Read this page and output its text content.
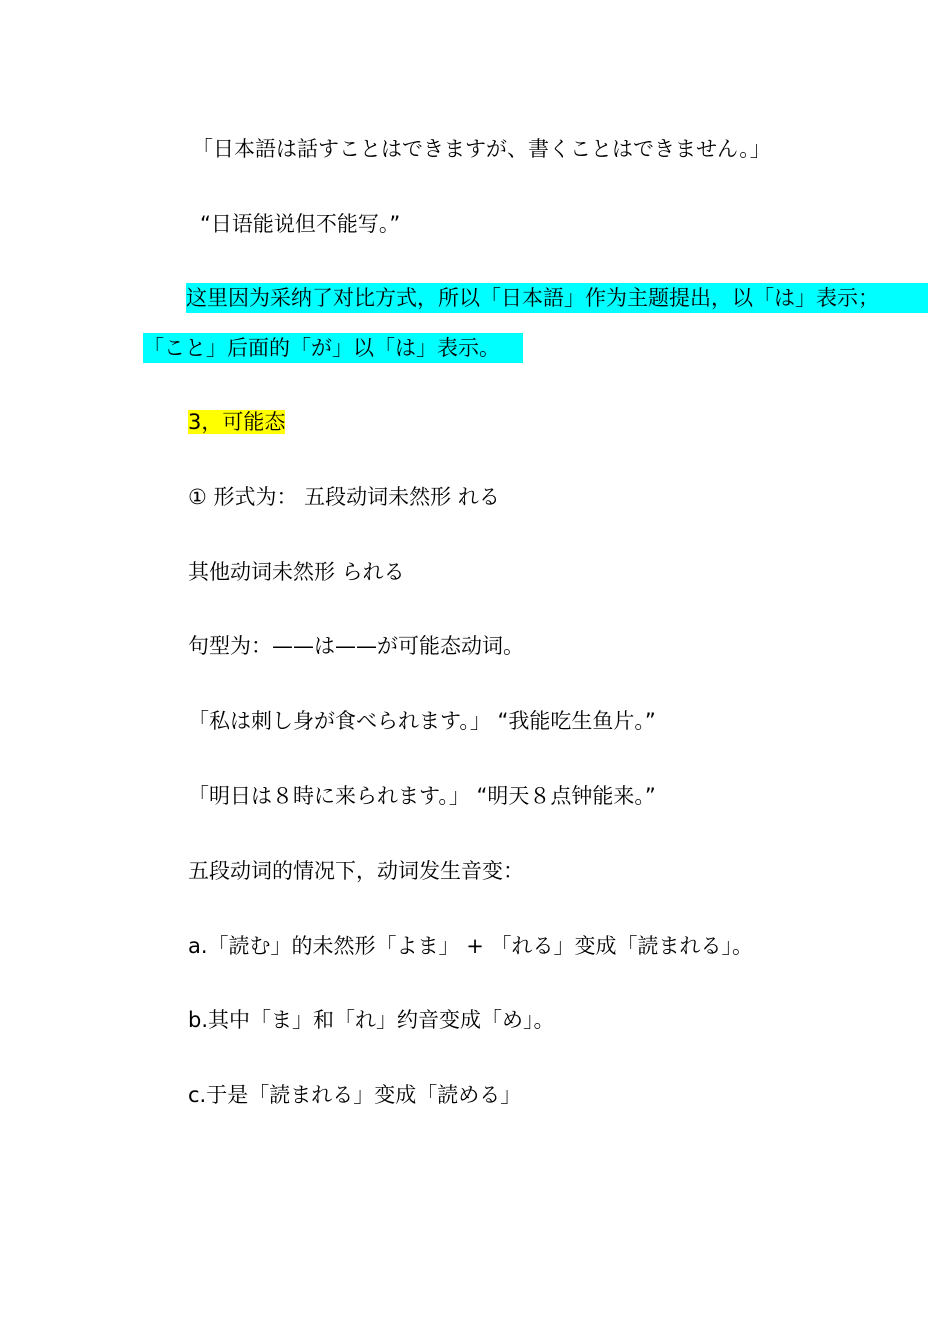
「日本語は話すことはできますが、書くことはできません。」
“日语能说但不能写。”
这里因为采纳了对比方式，所以「日本語」作为主题提出，以「は」表示；
「こと」后面的「が」以「は」表示。
3，可能态
① 形式为： 五段动词未然形 れる
其他动词未然形 られる
句型为：——は——が可能态动词。
「私は刺し身が食べられます。」 “我能吃生鱼片。”
「明日は８時に来られます。」 “明天８点钟能来。”
五段动词的情况下，动词发生音变：
a.「読む」的未然形「よま」 + 「れる」变成「読まれる」。
b.其中「ま」和「れ」约音变成「め」。
c.于是「読まれる」变成「読める」
